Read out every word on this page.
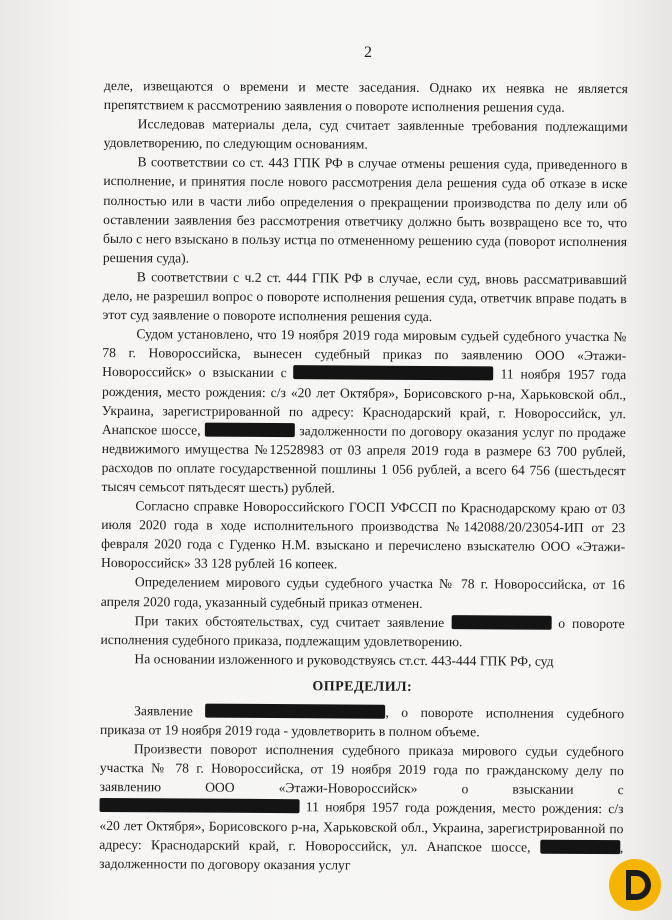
2

деле, извещаются о времени и месте заседания. Однако их неявка не является препятствием к рассмотрению заявления о повороте исполнения решения суда.

Исследовав материалы дела, суд считает заявленные требования подлежащими удовлетворению, по следующим основаниям.

В соответствии со ст. 443 ГПК РФ в случае отмены решения суда, приведенного в исполнение, и принятия после нового рассмотрения дела решения суда об отказе в иске полностью или в части либо определения о прекращении производства по делу или об оставлении заявления без рассмотрения ответчику должно быть возвращено все то, что было с него взыскано в пользу истца по отмененному решению суда (поворот исполнения решения суда).

В соответствии с ч.2 ст. 444 ГПК РФ в случае, если суд, вновь рассматривавший дело, не разрешил вопрос о повороте исполнения решения суда, ответчик вправе подать в этот суд заявление о повороте исполнения решения суда.

Судом установлено, что 19 ноября 2019 года мировым судьей судебного участка № 78 г. Новороссийска, вынесен судебный приказ по заявлению ООО «Этажи-Новороссийск» о взыскании с	11 ноября 1957 года рождения, место рождения: с/з «20 лет Октября», Борисовского р-на, Харьковской обл., Украина, зарегистрированной по адресу: Краснодарский край, г. Новороссийск, ул. Анапское шоссе,	задолженности по договору оказания услуг по продаже недвижимого имущества №12528983 от 03 апреля 2019 года в размере 63 700 рублей, расходов по оплате государственной пошлины 1 056 рублей, а всего 64 756 (шестьдесят тысяч семьсот пятьдесят шесть) рублей.

Согласно справке Новороссийского ГОСП УФССП по Краснодарскому краю от 03 июля 2020 года в ходе исполнительного производства №142088/20/23054-ИП от 23 февраля 2020 года с Гуденко Н.М. взыскано и перечислено взыскателю ООО «Этажи-Новороссийск» 33 128 рублей 16 копеек.

Определением мирового судьи судебного участка № 78 г. Новороссийска, от 16 апреля 2020 года, указанный судебный приказ отменен.

При таких обстоятельствах, суд считает заявление	о повороте исполнения судебного приказа, подлежащим удовлетворению.

На основании изложенного и руководствуясь ст.ст. 443-444 ГПК РФ, суд

ОПРЕДЕЛИЛ:

Заявление	, о повороте исполнения судебного приказа от 19 ноября 2019 года - удовлетворить в полном объеме.

Произвести поворот исполнения судебного приказа мирового судьи судебного участка № 78 г. Новороссийска, от 19 ноября 2019 года по гражданскому делу по заявлению ООО «Этажи-Новороссийск» о взыскании с  11 ноября 1957 года рождения, место рождения: с/з «20 лет Октября», Борисовского р-на, Харьковской обл., Украина, зарегистрированной по адресу: Краснодарский край, г. Новороссийск, ул. Анапское шоссе,	, задолженности по договору оказания услуг
